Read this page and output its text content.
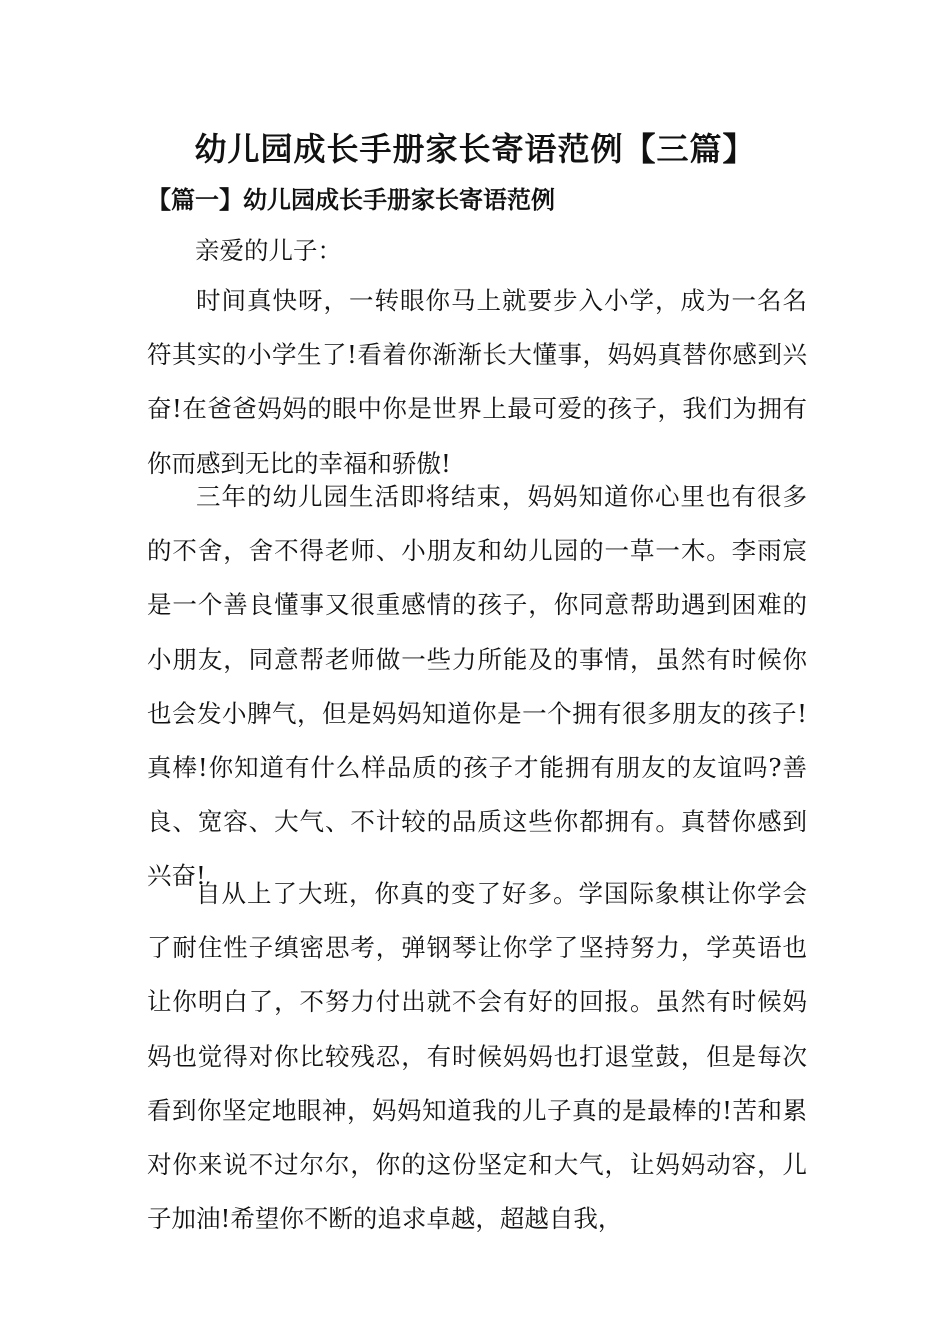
幼儿园成长手册家长寄语范例【三篇】
【篇一】幼儿园成长手册家长寄语范例

亲爱的儿子：

时间真快呀，一转眼你马上就要步入小学，成为一名名符其实的小学生了!看着你渐渐长大懂事，妈妈真替你感到兴奋!在爸爸妈妈的眼中你是世界上最可爱的孩子，我们为拥有你而感到无比的幸福和骄傲!

三年的幼儿园生活即将结束，妈妈知道你心里也有很多的不舍，舍不得老师、小朋友和幼儿园的一草一木。李雨宸是一个善良懂事又很重感情的孩子，你同意帮助遇到困难的小朋友，同意帮老师做一些力所能及的事情，虽然有时候你也会发小脾气，但是妈妈知道你是一个拥有很多朋友的孩子!真棒!你知道有什么样品质的孩子才能拥有朋友的友谊吗?善良、宽容、大气、不计较的品质这些你都拥有。真替你感到兴奋!

自从上了大班，你真的变了好多。学国际象棋让你学会了耐住性子缜密思考，弹钢琴让你学了坚持努力，学英语也让你明白了，不努力付出就不会有好的回报。虽然有时候妈妈也觉得对你比较残忍，有时候妈妈也打退堂鼓，但是每次看到你坚定地眼神，妈妈知道我的儿子真的是最棒的!苦和累对你来说不过尔尔，你的这份坚定和大气，让妈妈动容，儿子加油!希望你不断的追求卓越，超越自我，
